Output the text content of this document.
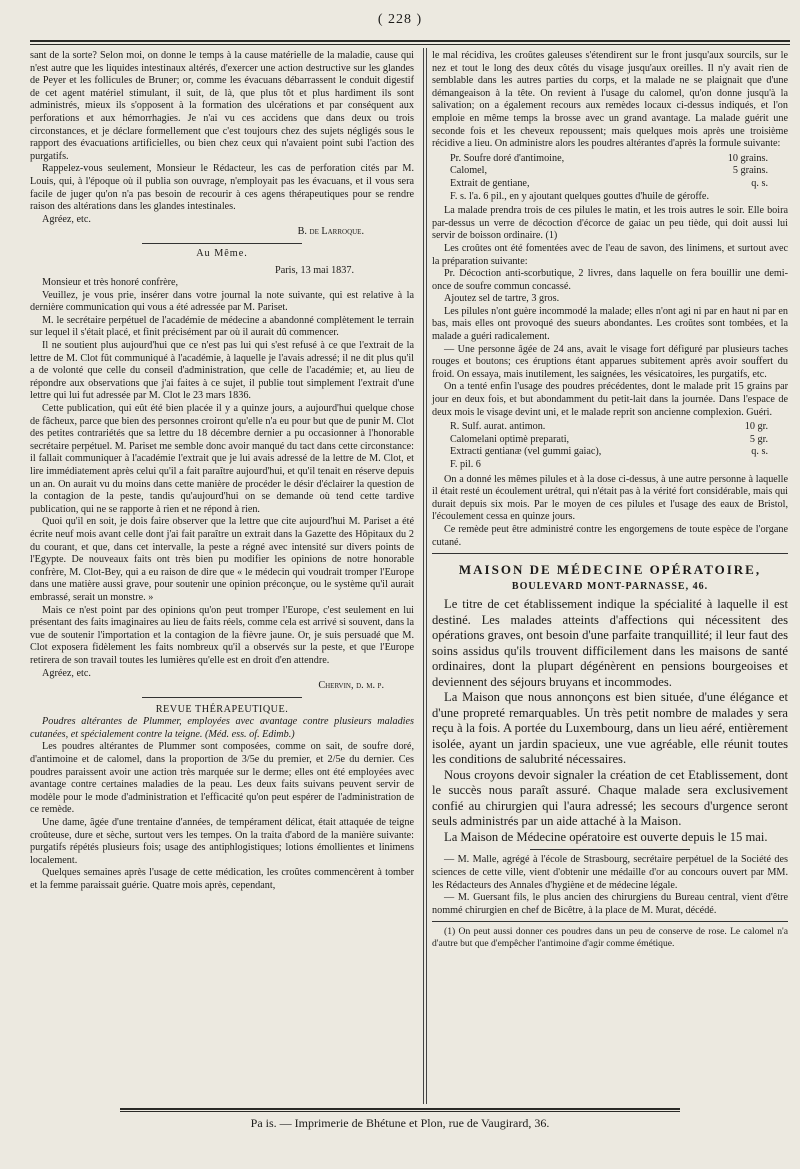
( 228 )

sant de la sorte? Selon moi, on donne le temps à la cause matérielle de la maladie, cause qui n'est autre que les liquides intestinaux altérés, d'exercer une action destructive sur les glandes de Peyer et les follicules de Bruner; or, comme les évacuans débarrassent le conduit digestif de cet agent matériel stimulant, il suit, de là, que plus tôt et plus hardiment ils sont administrés, mieux ils s'opposent à la formation des ulcérations et par conséquent aux perforations et aux hémorrhagies. Je n'ai vu ces accidens que dans deux ou trois circonstances, et je déclare formellement que c'est toujours chez des sujets négligés sous le rapport des évacuations artificielles, ou bien chez ceux qui n'avaient point subi l'action des purgatifs.

Rappelez-vous seulement, Monsieur le Rédacteur, les cas de perforation cités par M. Louis, qui, à l'époque où il publia son ouvrage, n'employait pas les évacuans, et il vous sera facile de juger qu'on n'a pas besoin de recourir à ces agens thérapeutiques pour se rendre raison des altérations dans les glandes intestinales.

Agréez, etc.

B. de Larroque.

Au Même.

Paris, 13 mai 1837.

Monsieur et très honoré confrère,

Veuillez, je vous prie, insérer dans votre journal la note suivante, qui est relative à la dernière communication qui vous a été adressée par M. Pariset.

M. le secrétaire perpétuel de l'académie de médecine a abandonné complètement le terrain sur lequel il s'était placé, et finit précisément par où il aurait dû commencer.

Il ne soutient plus aujourd'hui que ce n'est pas lui qui s'est refusé à ce que l'extrait de la lettre de M. Clot fût communiqué à l'académie, à laquelle je l'avais adressé; il ne dit plus qu'il a de volonté que celle du conseil d'administration, que celle de l'académie; et, au lieu de répondre aux observations que j'ai faites à ce sujet, il publie tout simplement l'extrait d'une lettre qui lui fut adressée par M. Clot le 23 mars 1836.

Cette publication, qui eût été bien placée il y a quinze jours, a aujourd'hui quelque chose de fâcheux, parce que bien des personnes croiront qu'elle n'a eu pour but que de punir M. Clot des petites contrariétés que sa lettre du 18 décembre dernier a pu occasionner à l'honorable secrétaire perpétuel. M. Pariset me semble donc avoir manqué du tact dans cette circonstance: il fallait communiquer à l'académie l'extrait que je lui avais adressé de la lettre de M. Clot, et lire immédiatement après celui qu'il a fait paraître aujourd'hui, et qu'il tenait en réserve depuis un an. On aurait vu du moins dans cette manière de procéder le désir d'éclairer la question de la contagion de la peste, tandis qu'aujourd'hui on se demande où tend cette tardive publication, qui ne se rapporte à rien et ne répond à rien.

Quoi qu'il en soit, je dois faire observer que la lettre que cite aujourd'hui M. Pariset a été écrite neuf mois avant celle dont j'ai fait paraître un extrait dans la Gazette des Hôpitaux du 2 du courant, et que, dans cet intervalle, la peste a régné avec intensité sur divers points de l'Egypte. De nouveaux faits ont très bien pu modifier les opinions de notre honorable confrère, M. Clot-Bey, qui a eu raison de dire que « le médecin qui voudrait tromper l'Europe dans une matière aussi grave, pour soutenir une opinion préconçue, ou le système qu'il aurait embrassé, serait un monstre. »

Mais ce n'est point par des opinions qu'on peut tromper l'Europe, c'est seulement en lui présentant des faits imaginaires au lieu de faits réels, comme cela est arrivé si souvent, dans la vue de soutenir l'importation et la contagion de la fièvre jaune. Or, je suis persuadé que M. Clot exposera fidèlement les faits nombreux qu'il a observés sur la peste, et que l'Europe retirera de son travail toutes les lumières qu'elle est en droit d'en attendre.

Agréez, etc.

Chervin, d. m. p.

REVUE THÉRAPEUTIQUE.

Poudres altérantes de Plummer, employées avec avantage contre plusieurs maladies cutanées, et spécialement contre la teigne. (Méd. ess. of. Edimb.)

Les poudres altérantes de Plummer sont composées, comme on sait, de soufre doré, d'antimoine et de calomel, dans la proportion de 3/5e du premier, et 2/5e du dernier. Ces poudres paraissent avoir une action très marquée sur le derme; elles ont été employées avec avantage contre certaines maladies de la peau. Les deux faits suivans peuvent servir de modèle pour le mode d'administration et l'efficacité qu'on peut espérer de l'administration de ce remède.

Une dame, âgée d'une trentaine d'années, de tempérament délicat, était attaquée de teigne croûteuse, dure et sèche, surtout vers les tempes. On la traita d'abord de la manière suivante: purgatifs répétés plusieurs fois; usage des antiphlogistiques; lotions émollientes et linimens localement.

Quelques semaines après l'usage de cette médication, les croûtes commencèrent à tomber et la femme paraissait guérie. Quatre mois après, cependant,

le mal récidiva, les croûtes galeuses s'étendirent sur le front jusqu'aux sourcils, sur le nez et tout le long des deux côtés du visage jusqu'aux oreilles. Il n'y avait rien de semblable dans les autres parties du corps, et la malade ne se plaignait que d'une démangeaison à la tête. On revient à l'usage du calomel, qu'on donne jusqu'à la salivation; on a également recours aux remèdes locaux ci-dessus indiqués, et l'on emploie en même temps la brosse avec un grand avantage. La malade guérit une seconde fois et les cheveux repoussent; mais quelques mois après une troisième récidive a lieu. On administre alors les poudres altérantes d'après la formule suivante:

Pr. Soufre doré d'antimoine,	10 grains.
Calomel,	5 grains.
Extrait de gentiane,	q. s.
F. s. l'a. 6 pil., en y ajoutant quelques gouttes d'huile de géroffe.

La malade prendra trois de ces pilules le matin, et les trois autres le soir. Elle boira par-dessus un verre de décoction d'écorce de gaiac un peu tiède, qui doit aussi lui servir de boisson ordinaire. (1)

Les croûtes ont été fomentées avec de l'eau de savon, des linimens, et surtout avec la préparation suivante:

Pr. Décoction anti-scorbutique, 2 livres, dans laquelle on fera bouillir une demi-once de soufre commun concassé.

Ajoutez sel de tartre, 3 gros.

Les pilules n'ont guère incommodé la malade; elles n'ont agi ni par en haut ni par en bas, mais elles ont provoqué des sueurs abondantes. Les croûtes sont tombées, et la malade a guéri radicalement.

— Une personne âgée de 24 ans, avait le visage fort défiguré par plusieurs taches rouges et boutons; ces éruptions étant apparues subitement après avoir souffert du froid. On essaya, mais inutilement, les saignées, les vésicatoires, les purgatifs, etc.

On a tenté enfin l'usage des poudres précédentes, dont le malade prit 15 grains par jour en deux fois, et but abondamment du petit-lait dans la journée. Dans l'espace de deux mois le visage devint uni, et le malade reprit son ancienne complexion. Guéri.

R. Sulf. aurat. antimon.	10 gr.
Calomelani optimè preparati,	5 gr.
Extracti gentianæ (vel gummi gaiac),	q. s.
F. pil. 6

On a donné les mêmes pilules et à la dose ci-dessus, à une autre personne à laquelle il était resté un écoulement urétral, qui n'était pas à la vérité fort considérable, mais qui durait depuis six mois. Par le moyen de ces pilules et l'usage des eaux de Bristol, l'écoulement cessa en quinze jours.

Ce remède peut être administré contre les engorgemens de toute espèce de l'organe cutané.

MAISON DE MÉDECINE OPÉRATOIRE,

BOULEVARD MONT-PARNASSE, 46.

Le titre de cet établissement indique la spécialité à laquelle il est destiné. Les malades atteints d'affections qui nécessitent des opérations graves, ont besoin d'une parfaite tranquillité; il leur faut des soins assidus qu'ils trouvent difficilement dans les maisons de santé ordinaires, dont la plupart dégénèrent en pensions bourgeoises et deviennent des séjours bruyans et incommodes.

La Maison que nous annonçons est bien située, d'une élégance et d'une propreté remarquables. Un très petit nombre de malades y sera reçu à la fois. A portée du Luxembourg, dans un lieu aéré, entièrement isolée, ayant un jardin spacieux, une vue agréable, elle réunit toutes les conditions de salubrité nécessaires.

Nous croyons devoir signaler la création de cet Etablissement, dont le succès nous paraît assuré. Chaque malade sera exclusivement confié au chirurgien qui l'aura adressé; les secours d'urgence seront seuls administrés par un aide attaché à la Maison.

La Maison de Médecine opératoire est ouverte depuis le 15 mai.

— M. Malle, agrégé à l'école de Strasbourg, secrétaire perpétuel de la Société des sciences de cette ville, vient d'obtenir une médaille d'or au concours ouvert par MM. les Rédacteurs des Annales d'hygiène et de médecine légale.

— M. Guersant fils, le plus ancien des chirurgiens du Bureau central, vient d'être nommé chirurgien en chef de Bicêtre, à la place de M. Murat, décédé.

(1) On peut aussi donner ces poudres dans un peu de conserve de rose. Le calomel n'a d'autre but que d'empêcher l'antimoine d'agir comme émétique.

Pa is. — Imprimerie de Bhétune et Plon, rue de Vaugirard, 36.
